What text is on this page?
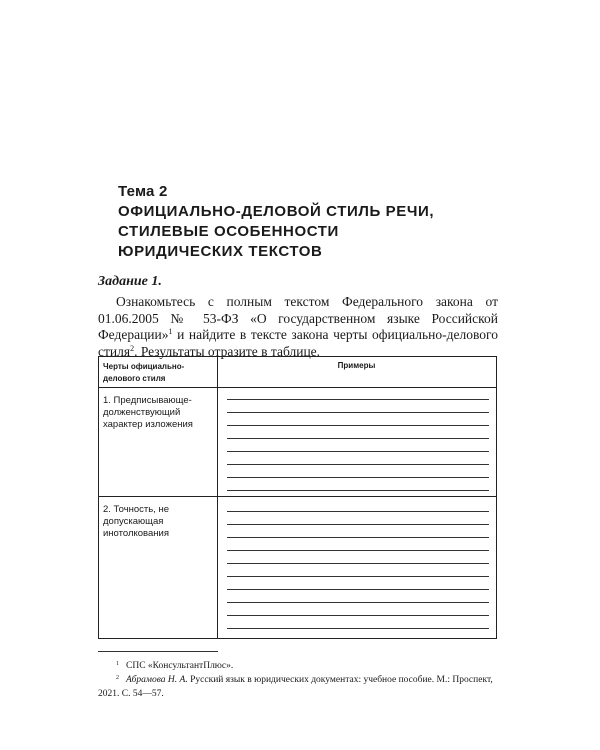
Тема 2
ОФИЦИАЛЬНО-ДЕЛОВОЙ СТИЛЬ РЕЧИ,
СТИЛЕВЫЕ ОСОБЕННОСТИ
ЮРИДИЧЕСКИХ ТЕКСТОВ
Задание 1.
Ознакомьтесь с полным текстом Федерального закона от 01.06.2005 № 53-ФЗ «О государственном языке Российской Федерации»$^1$ и найдите в тексте закона черты официально-делового стиля$^2$. Результаты отразите в таблице.
Черты официально-делового стиля
Примеры
1. Предписывающе-долженствующий характер изложения
2. Точность, не допускающая инотолкования
$^1$ СПС «КонсультантПлюс».
$^2$ Абрамова Н. А. Русский язык в юридических документах: учебное пособие. М.: Проспект, 2021. С. 54—57.
